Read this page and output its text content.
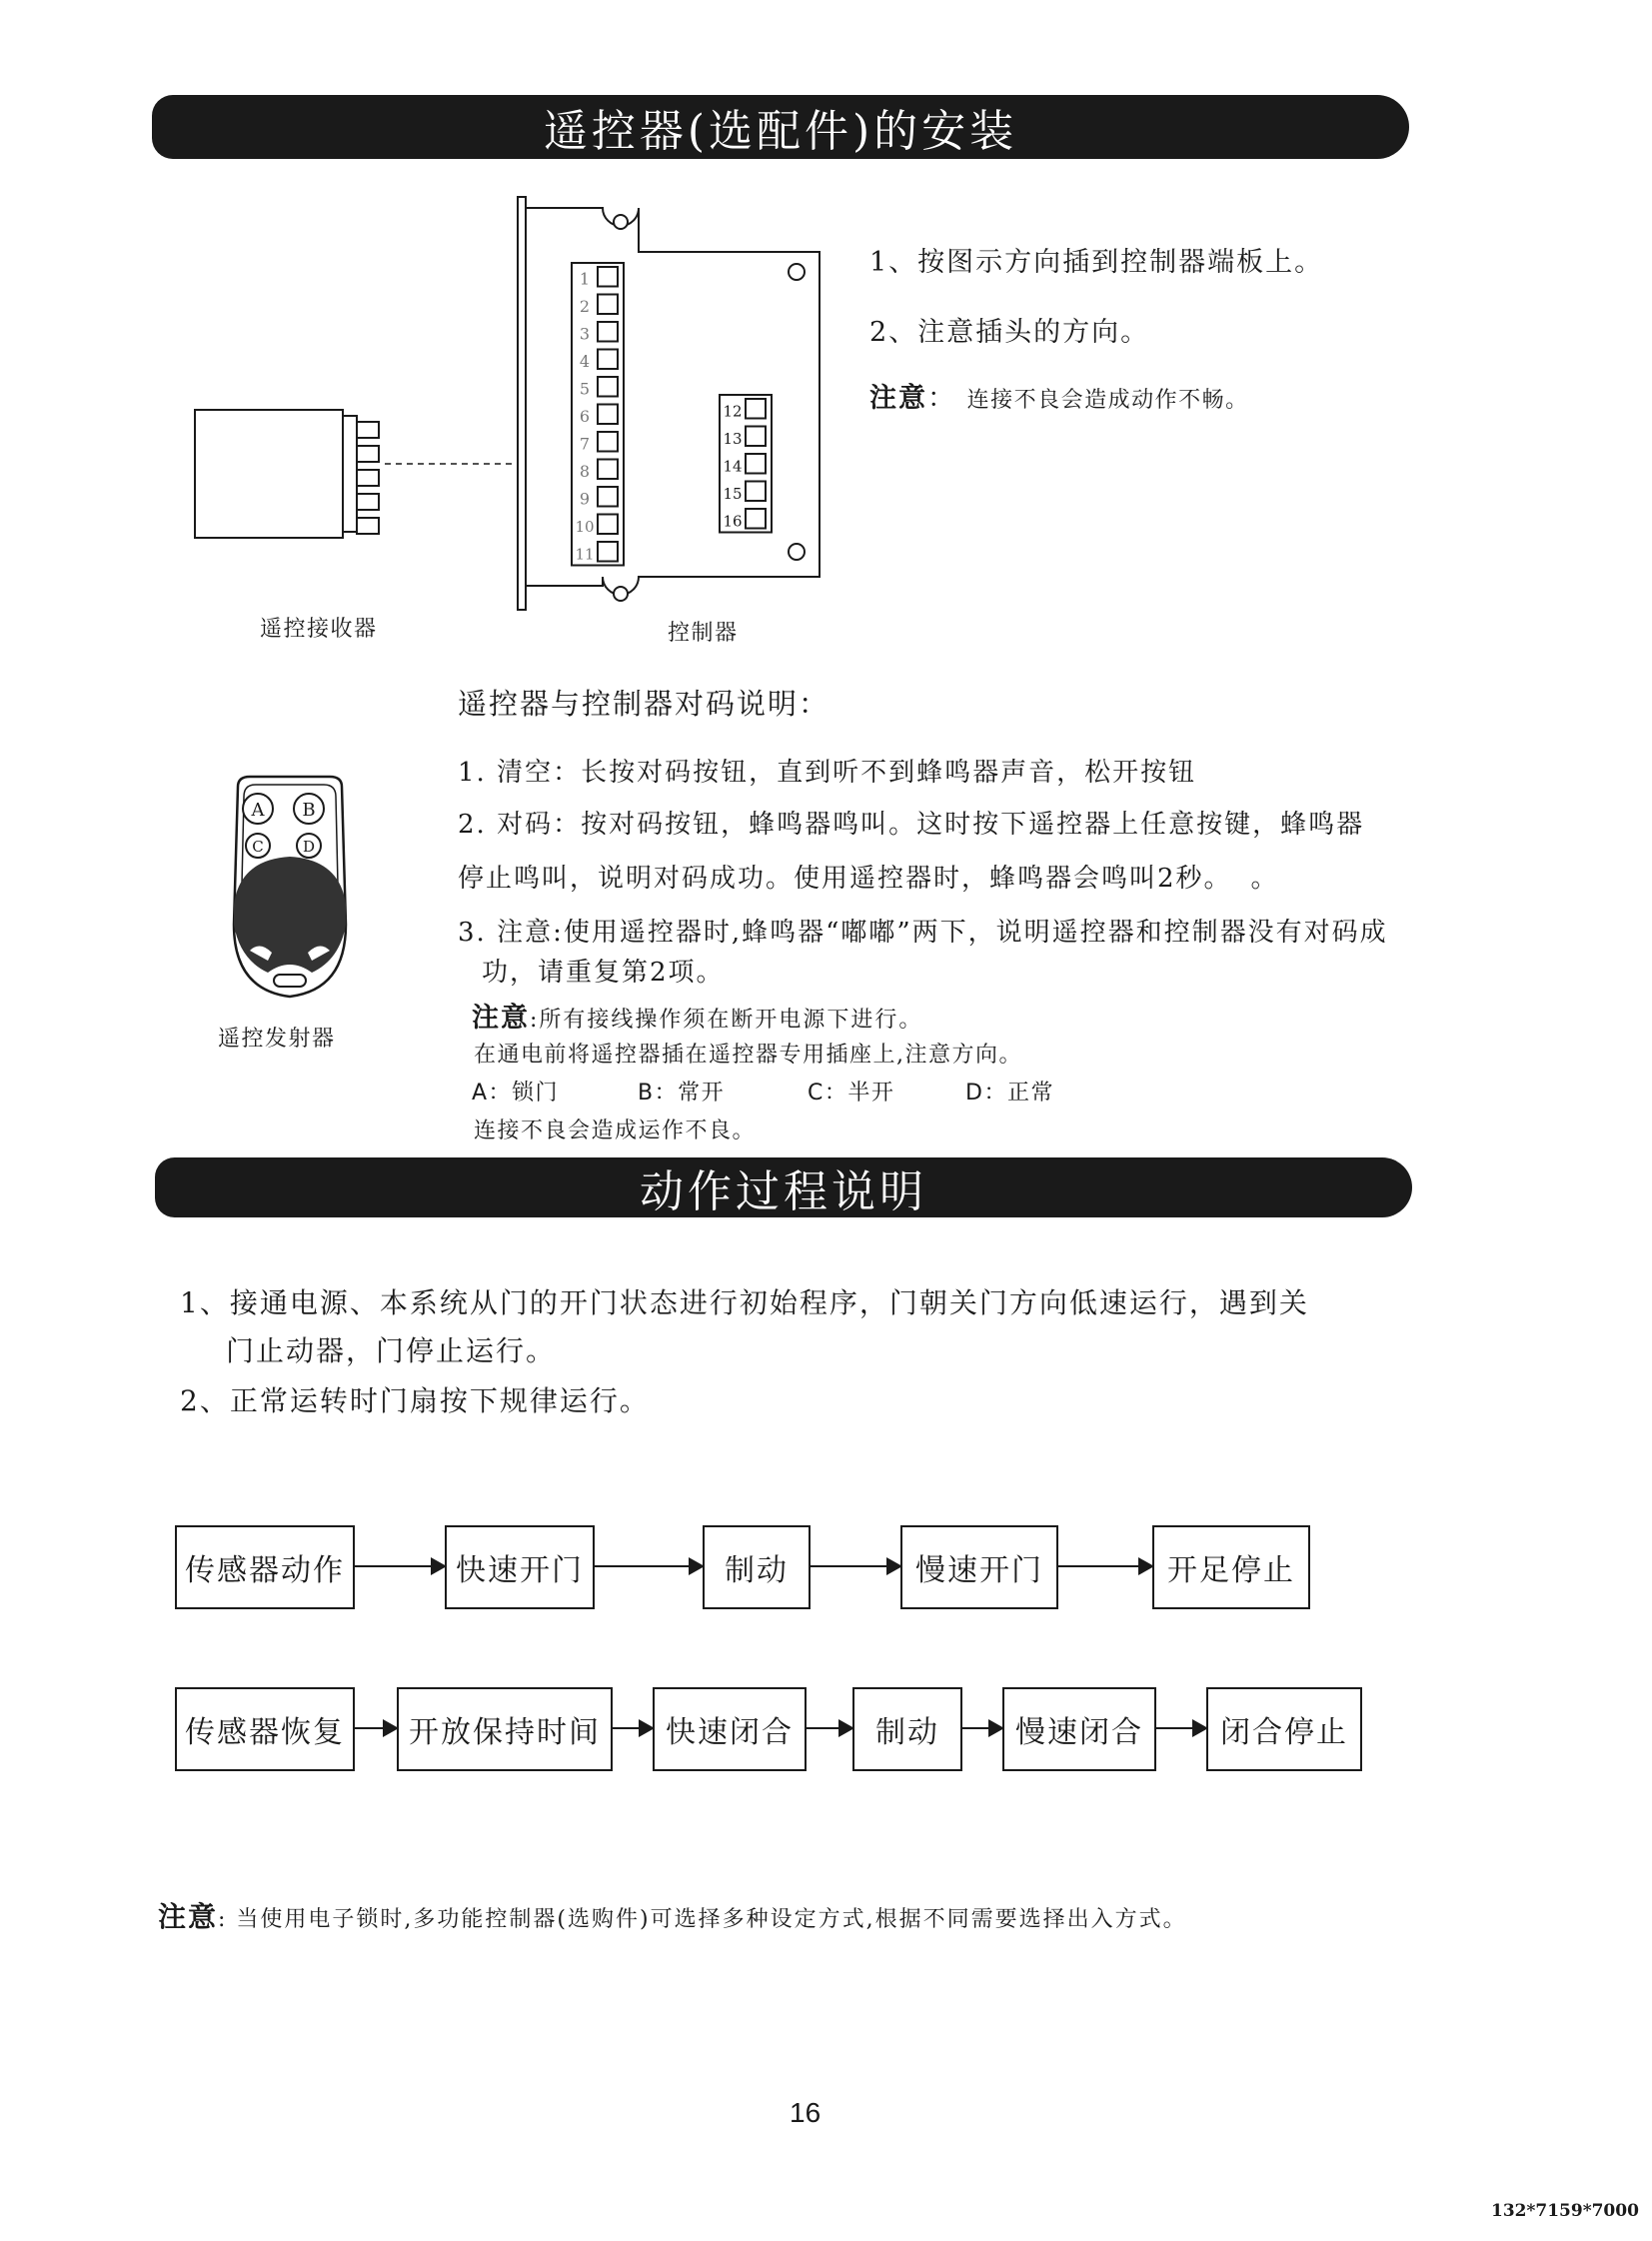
遥控器(选配件)的安装
1
2
3
4
5
6
7
8
9
10
11
12
13
14
15
16
遥控接收器	控制器
1、按图示方向插到控制器端板上。
2、注意插头的方向。
注意： 连接不良会造成动作不畅。
遥控器与控制器对码说明：
A B
C	D
遥控发射器
1. 清空：长按对码按钮，直到听不到蜂鸣器声音，松开按钮
2. 对码：按对码按钮，蜂鸣器鸣叫。这时按下遥控器上任意按键，蜂鸣器
停止鸣叫，说明对码成功。使用遥控器时，蜂鸣器会鸣叫2秒。 。
3. 注意:使用遥控器时,蜂鸣器“嘟嘟”两下，说明遥控器和控制器没有对码成
功，请重复第2项。
注意:所有接线操作须在断开电源下进行。
在通电前将遥控器插在遥控器专用插座上,注意方向。
A：锁门	B：常开	C：半开	D：正常
连接不良会造成运作不良。
动作过程说明
1、接通电源、本系统从门的开门状态进行初始程序，门朝关门方向低速运行，遇到关
门止动器，门停止运行。
2、正常运转时门扇按下规律运行。
传感器动作	快速开门	制动	慢速开门	开足停止
传感器恢复	开放保持时间	快速闭合	制动	慢速闭合	闭合停止
注意: 当使用电子锁时,多功能控制器(选购件)可选择多种设定方式,根据不同需要选择出入方式。
16
132*7159*7000
